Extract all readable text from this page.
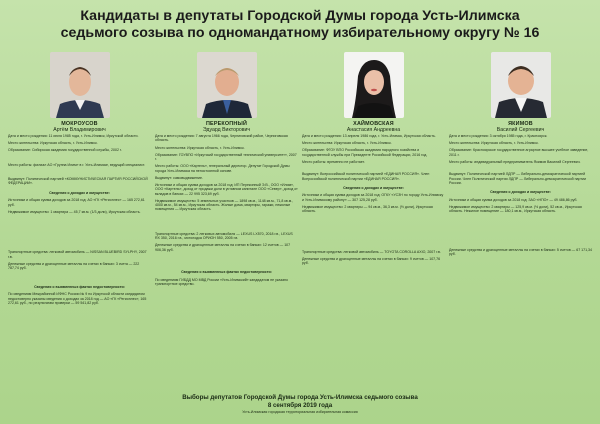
Кандидаты в депутаты Городской Думы города Усть-Илимска
седьмого созыва по одномандатному избирательному округу № 16
МОКРОУСОВ
Артём Владимирович

Дата и место рождения: 11 июля 1985 года, г. Усть-Илимск, Иркутской области.

Место жительства: Иркутская область, г. Усть-Илимск.

Образование: Сибирская академия государственной службы, 2002 г.

Место работы: филиал АО «Группа Илим» в г. Усть-Илимске, ведущий специалист.

Выдвинут: Политической партией «КОММУНИСТИЧЕСКАЯ ПАРТИЯ РОССИЙСКОЙ ФЕДЕРАЦИИ».

Сведения о доходах и имуществе:

Источники и общая сумма доходов за 2018 год: АО «ГК «Регионлес» — 165 272,61 руб.

Недвижимое имущество: 1 квартира — 45,7 кв.м. (1/3 доли), Иркутская область.

Транспортные средства: легковой автомобиль — NISSAN BLUEBIRD SYLPHY, 2007 г.в.

Денежные средства и драгоценные металлы на счетах в банках: 3 счета — 222 787,74 руб.

Сведения о выявленных фактах недостоверности:

По сведениям Межрайонной ИФНС России № 9 по Иркутской области кандидатом недостоверно указаны сведения о доходах за 2018 год — АО «ГК «Регионлес», 165 272,61 руб., по результатам проверки — 59 541,82 руб.

ПЕРЕКОПНЫЙ
Эдуард Викторович

Дата и место рождения: 7 августа 1966 года, Черниговский район, Черниговская область.

Место жительства: Иркутская область, г. Усть-Илимск.

Образование: ГОУВПО «Иркутский государственный технический университет», 2007 г.

Место работы: ООО «Картель», генеральный директор. Депутат Городской Думы города Усть-Илимска на непостоянной основе.

Выдвинут: самовыдвижение.

Источники и общая сумма доходов за 2018 год: ИП Перекопный Э.В., ООО «Илим», ООО «Картель», доход от продажи доли в уставном капитале ООО «Север», доход от вкладов в банках — 22 995 323,69 руб.

Недвижимое имущество: 5 земельных участков — 1898 кв.м., 1148 кв.м., 71,8 кв.м., 4000 кв.м., 54 кв.м., Иркутская область. Жилые дома, квартиры, гаражи, нежилые помещения — Иркутская область.

Транспортные средства: 2 легковых автомобиля — LEXUS LX570, 2018 г.в., LEXUS RX 350, 2016 г.в., мотолодка ОРИОН 550, 2005 г.в.

Денежные средства и драгоценные металлы на счетах в банках: 12 счетов — 107 906,36 руб.

Сведения о выявленных фактах недостоверности:

По сведениям ГИБДД МО МВД России «Усть-Илимский» кандидатом не указано транспортное средство.

ХАЙМОВСКАЯ
Анастасия Андреевна

Дата и место рождения: 13 апреля 1986 года, г. Усть-Илимск, Иркутская область.

Место жительства: Иркутская область, г. Усть-Илимск.

Образование: ФГОУ ВПО Российская академия народного хозяйства и государственной службы при Президенте Российской Федерации, 2016 год.

Место работы: временно не работает.

Выдвинут: Всероссийской политической партией «ЕДИНАЯ РОССИЯ». Член Всероссийской политической партии «ЕДИНАЯ РОССИЯ».

Сведения о доходах и имуществе:

Источники и общая сумма доходов за 2018 год: ОГКУ «УСЗН по городу Усть-Илимску и Усть-Илимскому району» — 307 125,28 руб.

Недвижимое имущество: 2 квартиры — 94 кв.м., 36,3 кв.м. (½ доли), Иркутская область.

Транспортные средства: легковой автомобиль — TOYOTA COROLLA AXIO, 2007 г.в.

Денежные средства и драгоценные металлы на счетах в банках: 9 счетов — 107,76 руб.

ЯКИМОВ
Василий Сергеевич

Дата и место рождения: 3 октября 1985 года, г. Красноярск.

Место жительства: Иркутская область, г. Усть-Илимск.

Образование: Красноярское государственное аграрное высшее учебное заведение, 2011 г.

Место работы: индивидуальный предприниматель Якимов Василий Сергеевич.

Выдвинут: Политической партией ЛДПР — Либерально-демократической партией России. Член Политической партии ЛДПР — Либерально-демократической партии России.

Сведения о доходах и имуществе:

Источники и общая сумма доходов за 2018 год: ЗАО «НПО» — 49 486,86 руб.

Недвижимое имущество: 2 квартиры — 125,9 кв.м. (½ доли), 52 кв.м., Иркутская область. Нежилое помещение — 180,1 кв.м., Иркутская область.

Денежные средства и драгоценные металлы на счетах в банках: 5 счетов — 67 171,34 руб.

Выборы депутатов Городской Думы города Усть-Илимска седьмого созыва
8 сентября 2019 года
Усть-Илимская городская территориальная избирательная комиссия
